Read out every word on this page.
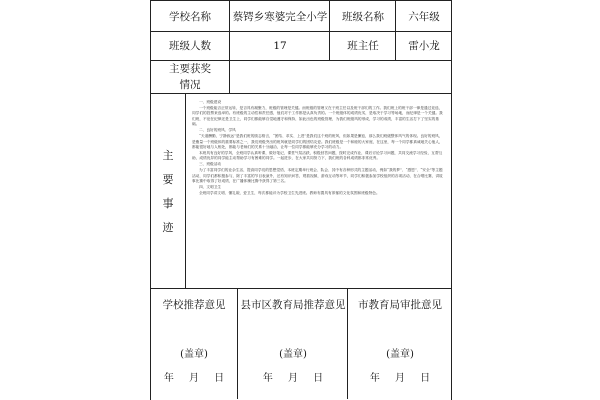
学校名称	蔡锷乡寒婆完全小学	班级名称	六年级
班级人数	17	班主任	雷小龙
主要获奖
情况
主
要
事
迹

一、班级建设

一个班级能否正常运转，是否具有凝聚力，班级的管理是关键。而班级的管理又在于班主任以及班干部们的工作。我们班上的班干部一律是通过竞选，同学们的投票来选举的。有班级的主动性和责任感，他们对于工作都是认真负责的。一个班级体的成绩优劣，是取决于学习等场地，而纪律是一个关键。我们班，不论在纪律还是卫生上，同学们都能够自觉地遵守和保持，如此出色的班级管理，为我们班级风的形成，学习的成绩，丰富的生活打下了坚实的基础。

二、良好的班风、学风

“天道酬勤，宁静致远”是我们班的励志格言，“团结、求实、上进”是我们这个班的班风，但如果是懈怠，那么我们班级整体风气的体现。良好的班风，是衡量一个班级体的重要标准之一，我们班级突出的班风就是同学们的团结友爱。我们班级是一个和睦的大家庭，在这里，每一个同学都真诚地关心他人，都能很好地与人相处，都能与老师们的关系十分融洽，让每一位同学都能够充分学习的动力。

本班具有良好的学风，全班同学认真听课，做好笔记，课堂气氛活跃，积极回答问题，按时完成作业，课后讨论学习问题，共同交流学习经验，互帮互助，成绩优异的同学能主动帮助学习有困难的同学。一起进步，在大家共同努力下，我们班的各科成绩都非常优秀。

三、班级活动

为了丰富同学们的业余生活，提高同学们的思想觉悟，本班定期举行班会、队会、其中有各种形式的主题活动，例如“我的梦”、“感恩”、“安全”等主题活动，同学们都积极参与，除了丰富的节目表演外，还有知识问答，观看视频，游戏互动等环节，同学们积极参加学校组织的各项活动，在合唱比赛，讲故事比赛中取得了好成绩，在广播体操比赛中获得了第三名。

四、文明卫生

全班同学讲文明、懂礼貌，爱卫生，每次都能评为学校卫生先进班。教师布置具有浓郁的文化氛围和班级特色。

学校推荐意见
(盖章)
年 月 日
县市区教育局推荐意见
(盖章)
年 月 日
市教育局审批意见
(盖章)
年 月 日
